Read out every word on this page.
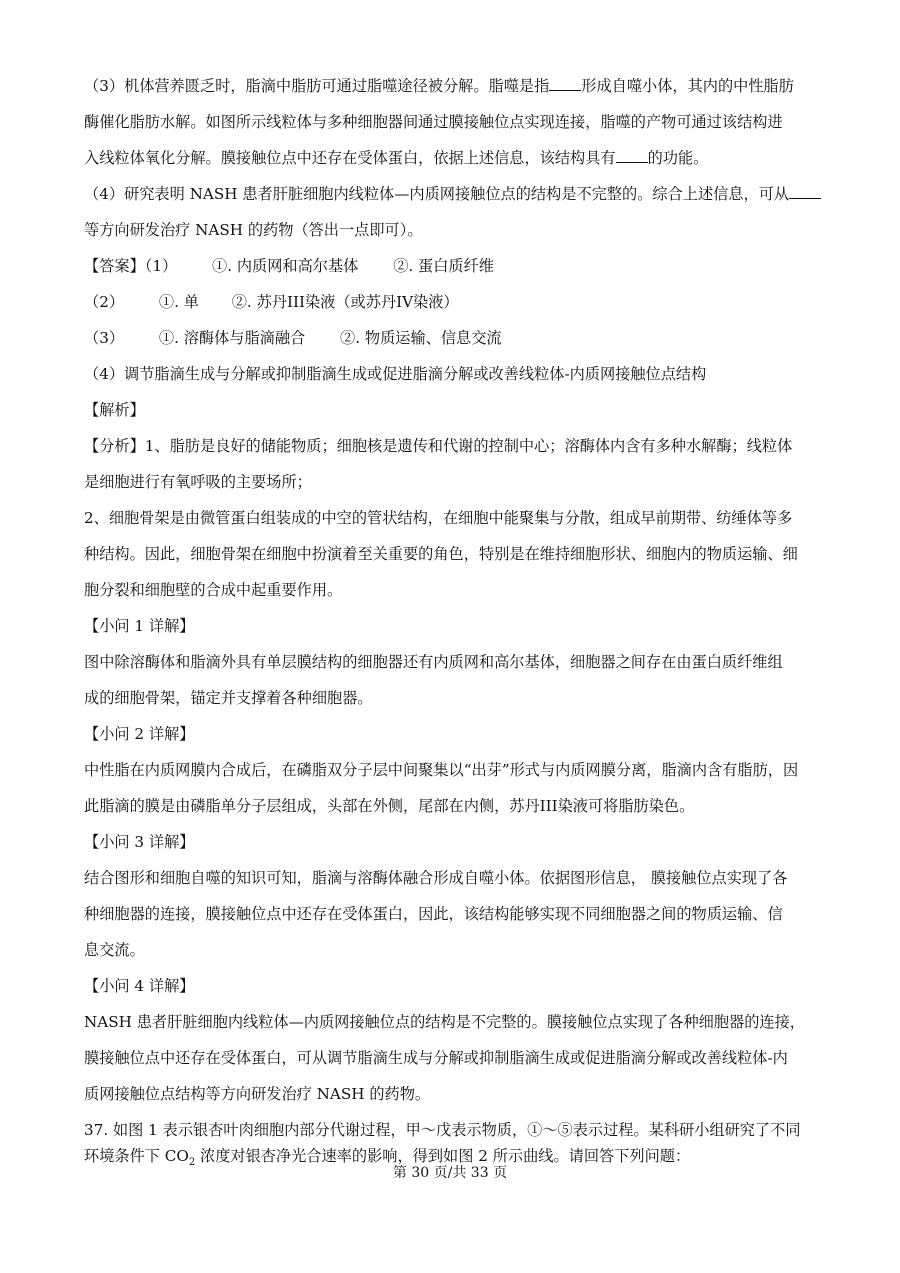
（3）机体营养匮乏时，脂滴中脂肪可通过脂噬途径被分解。脂噬是指 形成自噬小体，其内的中性脂肪
酶催化脂肪水解。如图所示线粒体与多种细胞器间通过膜接触位点实现连接，脂噬的产物可通过该结构进
入线粒体氧化分解。膜接触位点中还存在受体蛋白，依据上述信息，该结构具有 的功能。
（4）研究表明 NASH 患者肝脏细胞内线粒体—内质网接触位点的结构是不完整的。综合上述信息，可从
等方向研发治疗 NASH 的药物（答出一点即可）。
【答案】（1） ①. 内质网和高尔基体 ②. 蛋白质纤维
（2） ①. 单 ②. 苏丹III染液（或苏丹IV染液）
（3） ①. 溶酶体与脂滴融合 ②. 物质运输、信息交流
（4）调节脂滴生成与分解或抑制脂滴生成或促进脂滴分解或改善线粒体-内质网接触位点结构
【解析】
【分析】1、脂肪是良好的储能物质；细胞核是遗传和代谢的控制中心；溶酶体内含有多种水解酶；线粒体
是细胞进行有氧呼吸的主要场所；
2、细胞骨架是由微管蛋白组装成的中空的管状结构，在细胞中能聚集与分散，组成早前期带、纺缍体等多
种结构。因此，细胞骨架在细胞中扮演着至关重要的角色，特别是在维持细胞形状、细胞内的物质运输、细
胞分裂和细胞壁的合成中起重要作用。
【小问 1 详解】
图中除溶酶体和脂滴外具有单层膜结构的细胞器还有内质网和高尔基体，细胞器之间存在由蛋白质纤维组
成的细胞骨架，锚定并支撑着各种细胞器。
【小问 2 详解】
中性脂在内质网膜内合成后，在磷脂双分子层中间聚集以“出芽”形式与内质网膜分离，脂滴内含有脂肪，因
此脂滴的膜是由磷脂单分子层组成，头部在外侧，尾部在内侧，苏丹III染液可将脂肪染色。
【小问 3 详解】
结合图形和细胞自噬的知识可知，脂滴与溶酶体融合形成自噬小体。依据图形信息， 膜接触位点实现了各
种细胞器的连接，膜接触位点中还存在受体蛋白，因此，该结构能够实现不同细胞器之间的物质运输、信
息交流。
【小问 4 详解】
NASH 患者肝脏细胞内线粒体—内质网接触位点的结构是不完整的。膜接触位点实现了各种细胞器的连接，
膜接触位点中还存在受体蛋白，可从调节脂滴生成与分解或抑制脂滴生成或促进脂滴分解或改善线粒体-内
质网接触位点结构等方向研发治疗 NASH 的药物。
37. 如图 1 表示银杏叶肉细胞内部分代谢过程，甲～戊表示物质，①～⑤表示过程。某科研小组研究了不同
环境条件下 $CO_2$ 浓度对银杏净光合速率的影响，得到如图 2 所示曲线。请回答下列问题：
第 30 页/共 33 页
